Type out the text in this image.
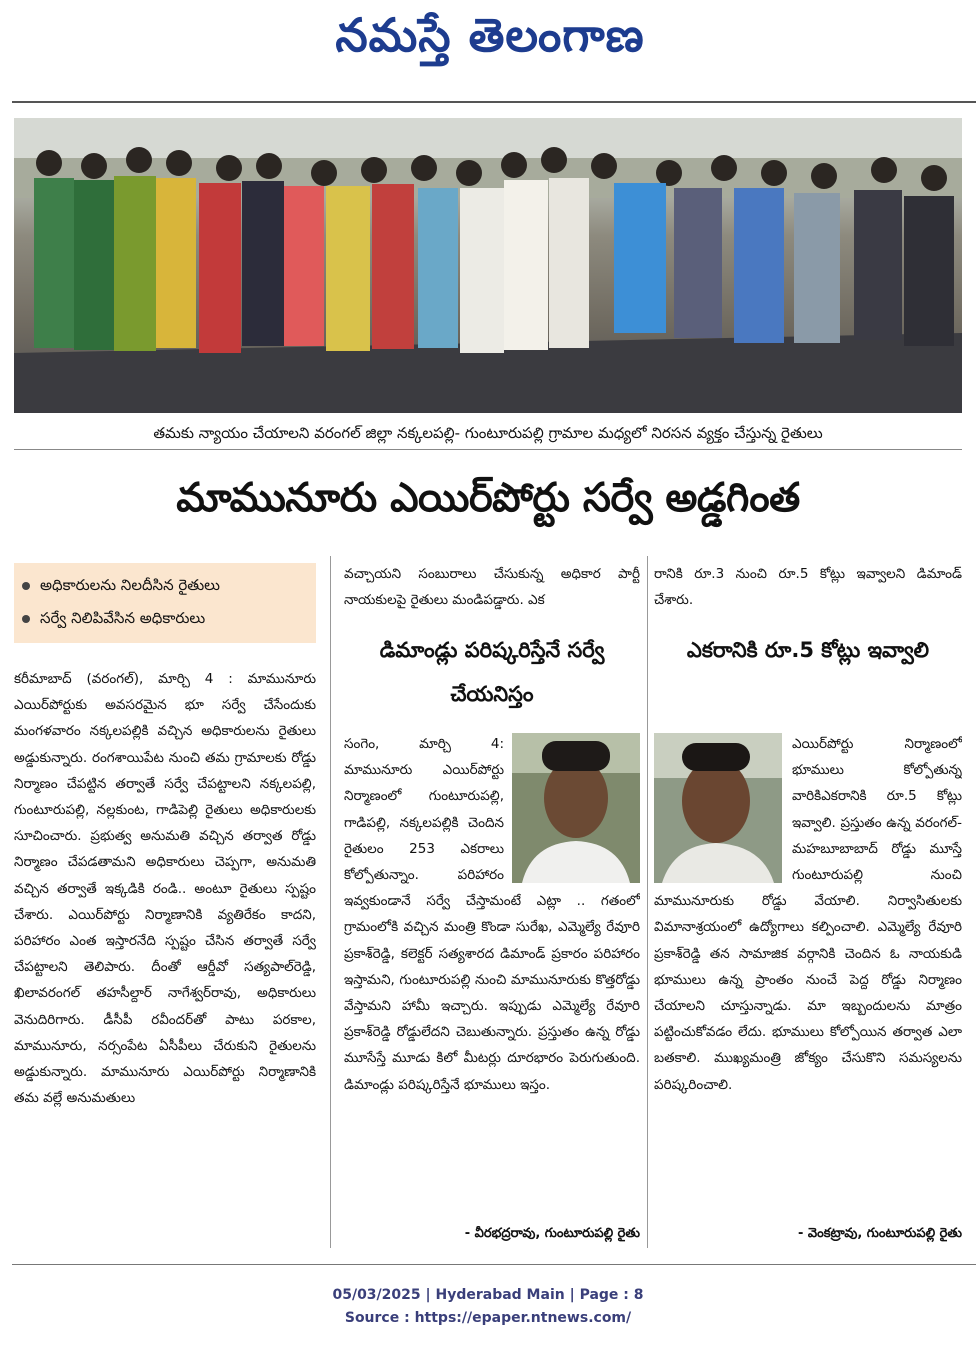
నమస్తే తెలంగాణ
తమకు న్యాయం చేయాలని వరంగల్ జిల్లా నక్కలపల్లి- గుంటూరుపల్లి గ్రామాల మధ్యలో నిరసన వ్యక్తం చేస్తున్న రైతులు
మామునూరు ఎయిర్‌పోర్టు సర్వే అడ్డగింత
అధికారులను నిలదీసిన రైతులు
సర్వే నిలిపివేసిన అధికారులు
కరీమాబాద్ (వరంగల్), మార్చి 4 : మామునూరు ఎయిర్‌పోర్టుకు అవసరమైన భూ సర్వే చేసేందుకు మంగళవారం నక్కలపల్లికి వచ్చిన అధికారులను రైతులు అడ్డుకున్నారు. రంగశాయిపేట నుంచి తమ గ్రామాలకు రోడ్డు నిర్మాణం చేపట్టిన తర్వాతే సర్వే చేపట్టాలని నక్కలపల్లి, గుంటూరుపల్లి, నల్లకుంట, గాడిపెల్లి రైతులు అధికారులకు సూచించారు. ప్రభుత్వ అనుమతి వచ్చిన తర్వాత రోడ్డు నిర్మాణం చేపడతామని అధికారులు చెప్పగా, అనుమతి వచ్చిన తర్వాతే ఇక్కడికి రండి.. అంటూ రైతులు స్పష్టం చేశారు. ఎయిర్‌పోర్టు నిర్మాణానికి వ్యతిరేకం కాదని, పరిహారం ఎంత ఇస్తారనేది స్పష్టం చేసిన తర్వాతే సర్వే చేపట్టాలని తెలిపారు. దీంతో ఆర్డీవో సత్యపాల్‌రెడ్డి, ఖిలావరంగల్ తహసీల్దార్ నాగేశ్వర్‌రావు, అధికారులు వెనుదిరిగారు. డీసీపీ రవీందర్‌తో పాటు పరకాల, మామునూరు, నర్సంపేట ఏసీపీలు చేరుకుని రైతులను అడ్డుకున్నారు. మామునూరు ఎయిర్‌పోర్టు నిర్మాణానికి తమ వల్లే అనుమతులు
వచ్చాయని సంబురాలు చేసుకున్న అధికార పార్టీ నాయకులపై రైతులు మండిపడ్డారు. ఎక
డిమాండ్లు పరిష్కరిస్తేనే సర్వే చేయనిస్తం
సంగెం, మార్చి 4: మామునూరు ఎయిర్‌పోర్టు నిర్మాణంలో గుంటూరుపల్లి, గాడిపల్లి, నక్కలపల్లికి చెందిన రైతులం 253 ఎకరాలు కోల్పోతున్నాం. పరిహారం ఇవ్వకుండానే సర్వే చేస్తామంటే ఎట్లా .. గతంలో గ్రామంలోకి వచ్చిన మంత్రి కొండా సురేఖ, ఎమ్మెల్యే రేవూరి ప్రకాశ్‌రెడ్డి, కలెక్టర్ సత్యశారద డిమాండ్ ప్రకారం పరిహారం ఇస్తామని, గుంటూరుపల్లి నుంచి మామునూరుకు కొత్తరోడ్డు వేస్తామని హామీ ఇచ్చారు. ఇప్పుడు ఎమ్మెల్యే రేవూరి ప్రకాశ్‌రెడ్డి రోడ్డులేదని చెబుతున్నారు. ప్రస్తుతం ఉన్న రోడ్డు మూసేస్తే మూడు కిలో మీటర్లు దూరభారం పెరుగుతుంది. డిమాండ్లు పరిష్కరిస్తేనే భూములు ఇస్తం.
- వీరభద్రరావు, గుంటూరుపల్లి రైతు
రానికి రూ.3 నుంచి రూ.5 కోట్లు ఇవ్వాలని డిమాండ్ చేశారు.
ఎకరానికి రూ.5 కోట్లు ఇవ్వాలి
ఎయిర్‌పోర్టు నిర్మాణంలో భూములు కోల్పోతున్న వారికిఎకరానికి రూ.5 కోట్లు ఇవ్వాలి. ప్రస్తుతం ఉన్న వరంగల్-మహబూబాబాద్ రోడ్డు మూస్తే గుంటూరుపల్లి నుంచి మామునూరుకు రోడ్డు వేయాలి. నిర్వాసితులకు విమానాశ్రయంలో ఉద్యోగాలు కల్పించాలి. ఎమ్మెల్యే రేవూరి ప్రకాశ్‌రెడ్డి తన సామాజిక వర్గానికి చెందిన ఓ నాయకుడి భూములు ఉన్న ప్రాంతం నుంచే పెద్ద రోడ్డు నిర్మాణం చేయాలని చూస్తున్నాడు. మా ఇబ్బందులను మాత్రం పట్టించుకోవడం లేదు. భూములు కోల్పోయిన తర్వాత ఎలా బతకాలి. ముఖ్యమంత్రి జోక్యం చేసుకొని సమస్యలను పరిష్కరించాలి.
- వెంకట్రావు, గుంటూరుపల్లి రైతు
05/03/2025 | Hyderabad Main | Page : 8
Source : https://epaper.ntnews.com/
